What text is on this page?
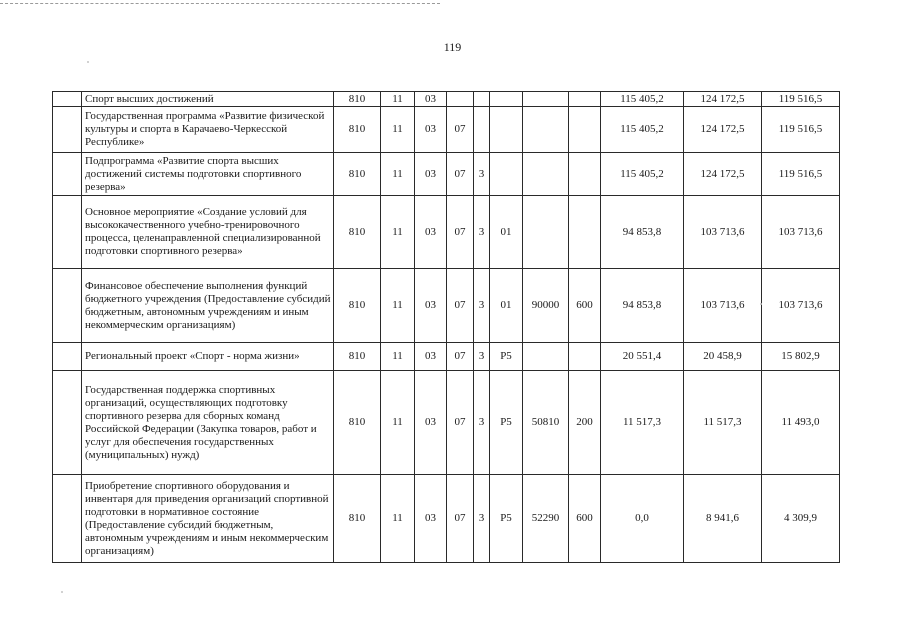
119
	Спорт высших достижений	810	11	03						115 405,2	124 172,5	119 516,5
	Государственная программа «Развитие физической культуры и спорта в Карачаево-Черкесской Республике»	810	11	03	07					115 405,2	124 172,5	119 516,5
	Подпрограмма «Развитие спорта высших достижений системы подготовки спортивного резерва»	810	11	03	07	3				115 405,2	124 172,5	119 516,5
	Основное мероприятие «Создание условий для высококачественного учебно-тренировочного процесса, целенаправленной специализированной подготовки спортивного резерва»	810	11	03	07	3	01			94 853,8	103 713,6	103 713,6
	Финансовое обеспечение выполнения функций бюджетного учреждения (Предоставление субсидий бюджетным, автономным учреждениям и иным некоммерческим организациям)	810	11	03	07	3	01	90000	600	94 853,8	103 713,6	103 713,6
	Региональный проект «Спорт - норма жизни»	810	11	03	07	3	P5			20 551,4	20 458,9	15 802,9
	Государственная поддержка спортивных организаций, осуществляющих подготовку спортивного резерва для сборных команд Российской Федерации (Закупка товаров, работ и услуг для обеспечения государственных (муниципальных) нужд)	810	11	03	07	3	P5	50810	200	11 517,3	11 517,3	11 493,0
	Приобретение спортивного оборудования и инвентаря для приведения организаций спортивной подготовки в нормативное состояние (Предоставление субсидий бюджетным, автономным учреждениям и иным некоммерческим организациям)	810	11	03	07	3	P5	52290	600	0,0	8 941,6	4 309,9
